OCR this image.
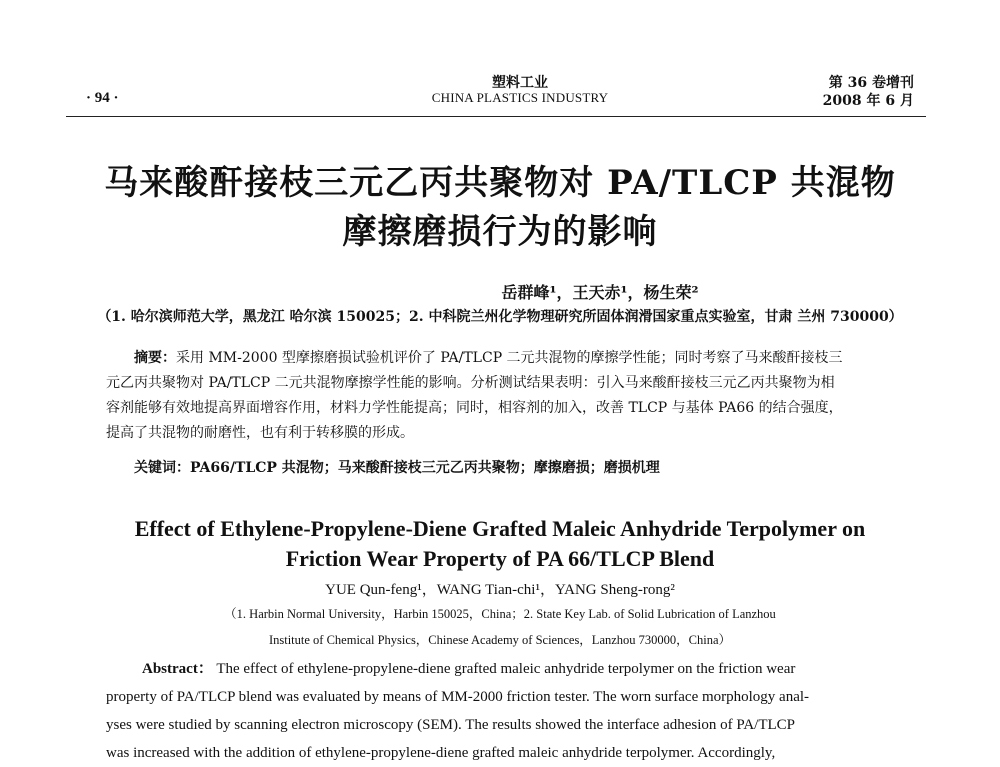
· 94 ·
塑料工业
CHINA PLASTICS INDUSTRY
第 36 卷增刊
2008 年 6 月
马来酸酐接枝三元乙丙共聚物对 PA/TLCP 共混物
摩擦磨损行为的影响
岳群峰¹，王天赤¹，杨生荣²
（1. 哈尔滨师范大学，黑龙江 哈尔滨 150025；2. 中科院兰州化学物理研究所固体润滑国家重点实验室，甘肃 兰州 730000）

摘要：采用 MM-2000 型摩擦磨损试验机评价了 PA/TLCP 二元共混物的摩擦学性能；同时考察了马来酸酐接枝三

元乙丙共聚物对 PA/TLCP 二元共混物摩擦学性能的影响。分析测试结果表明：引入马来酸酐接枝三元乙丙共聚物为相

容剂能够有效地提高界面增容作用，材料力学性能提高；同时，相容剂的加入，改善 TLCP 与基体 PA66 的结合强度，

提高了共混物的耐磨性，也有利于转移膜的形成。

关键词：PA66/TLCP 共混物；马来酸酐接枝三元乙丙共聚物；摩擦磨损；磨损机理
Effect of Ethylene-Propylene-Diene Grafted Maleic Anhydride Terpolymer on
Friction Wear Property of PA 66/TLCP Blend
YUE Qun-feng¹，WANG Tian-chi¹，YANG Sheng-rong²
（1. Harbin Normal University，Harbin 150025，China；2. State Key Lab. of Solid Lubrication of Lanzhou
Institute of Chemical Physics，Chinese Academy of Sciences，Lanzhou 730000，China）

Abstract： The effect of ethylene-propylene-diene grafted maleic anhydride terpolymer on the friction wear

property of PA/TLCP blend was evaluated by means of MM-2000 friction tester. The worn surface morphology anal-

yses were studied by scanning electron microscopy (SEM). The results showed the interface adhesion of PA/TLCP

was increased with the addition of ethylene-propylene-diene grafted maleic anhydride terpolymer. Accordingly,
